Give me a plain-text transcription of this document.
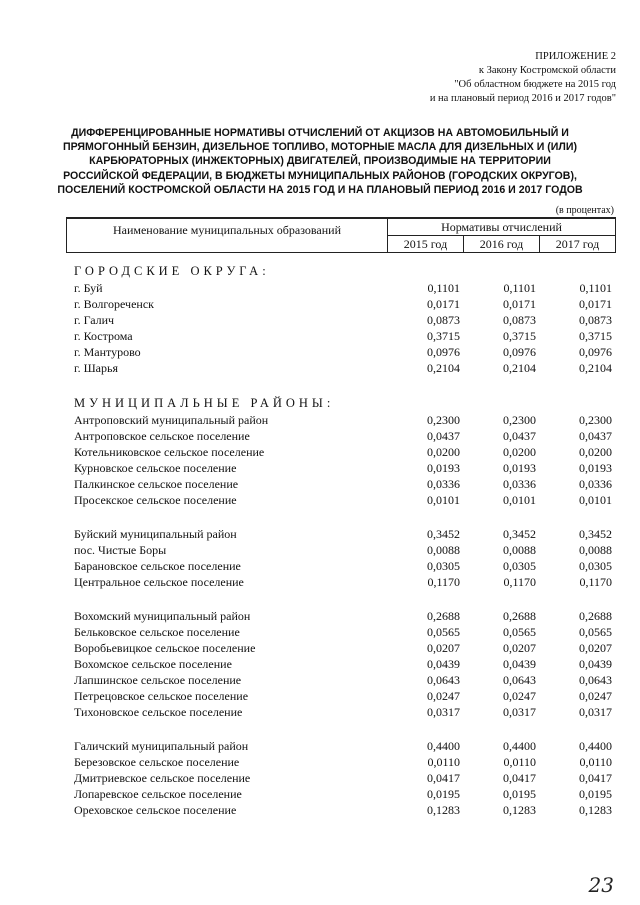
ПРИЛОЖЕНИЕ 2
к Закону Костромской области
"Об областном бюджете на 2015 год
и на плановый период 2016 и 2017 годов"
ДИФФЕРЕНЦИРОВАННЫЕ НОРМАТИВЫ ОТЧИСЛЕНИЙ ОТ АКЦИЗОВ НА АВТОМОБИЛЬНЫЙ И
ПРЯМОГОННЫЙ БЕНЗИН, ДИЗЕЛЬНОЕ ТОПЛИВО, МОТОРНЫЕ МАСЛА ДЛЯ ДИЗЕЛЬНЫХ И (ИЛИ)
КАРБЮРАТОРНЫХ (ИНЖЕКТОРНЫХ) ДВИГАТЕЛЕЙ, ПРОИЗВОДИМЫЕ НА ТЕРРИТОРИИ
РОССИЙСКОЙ ФЕДЕРАЦИИ, В БЮДЖЕТЫ МУНИЦИПАЛЬНЫХ РАЙОНОВ (ГОРОДСКИХ ОКРУГОВ),
ПОСЕЛЕНИЙ КОСТРОМСКОЙ ОБЛАСТИ НА 2015 ГОД И НА ПЛАНОВЫЙ ПЕРИОД 2016 И 2017 ГОДОВ
(в процентах)
Наименование муниципальных образований	Нормативы отчислений		
	2015 год	2016 год	2017 год
ГОРОДСКИЕ ОКРУГА:
г. Буй	0,1101	0,1101	0,1101
г. Волгореченск	0,0171	0,0171	0,0171
г. Галич	0,0873	0,0873	0,0873
г. Кострома	0,3715	0,3715	0,3715
г. Мантурово	0,0976	0,0976	0,0976
г. Шарья	0,2104	0,2104	0,2104
МУНИЦИПАЛЬНЫЕ РАЙОНЫ:
Антроповский муниципальный район	0,2300	0,2300	0,2300
Антроповское сельское поселение	0,0437	0,0437	0,0437
Котельниковское сельское поселение	0,0200	0,0200	0,0200
Курновское сельское поселение	0,0193	0,0193	0,0193
Палкинское сельское поселение	0,0336	0,0336	0,0336
Просекское сельское поселение	0,0101	0,0101	0,0101
Буйский муниципальный район	0,3452	0,3452	0,3452
пос. Чистые Боры	0,0088	0,0088	0,0088
Барановское сельское поселение	0,0305	0,0305	0,0305
Центральное сельское поселение	0,1170	0,1170	0,1170
Вохомский муниципальный район	0,2688	0,2688	0,2688
Бельковское сельское поселение	0,0565	0,0565	0,0565
Воробьевицкое сельское поселение	0,0207	0,0207	0,0207
Вохомское сельское поселение	0,0439	0,0439	0,0439
Лапшинское сельское поселение	0,0643	0,0643	0,0643
Петрецовское сельское поселение	0,0247	0,0247	0,0247
Тихоновское сельское поселение	0,0317	0,0317	0,0317
Галичский муниципальный район	0,4400	0,4400	0,4400
Березовское сельское поселение	0,0110	0,0110	0,0110
Дмитриевское сельское поселение	0,0417	0,0417	0,0417
Лопаревское сельское поселение	0,0195	0,0195	0,0195
Ореховское сельское поселение	0,1283	0,1283	0,1283
23
